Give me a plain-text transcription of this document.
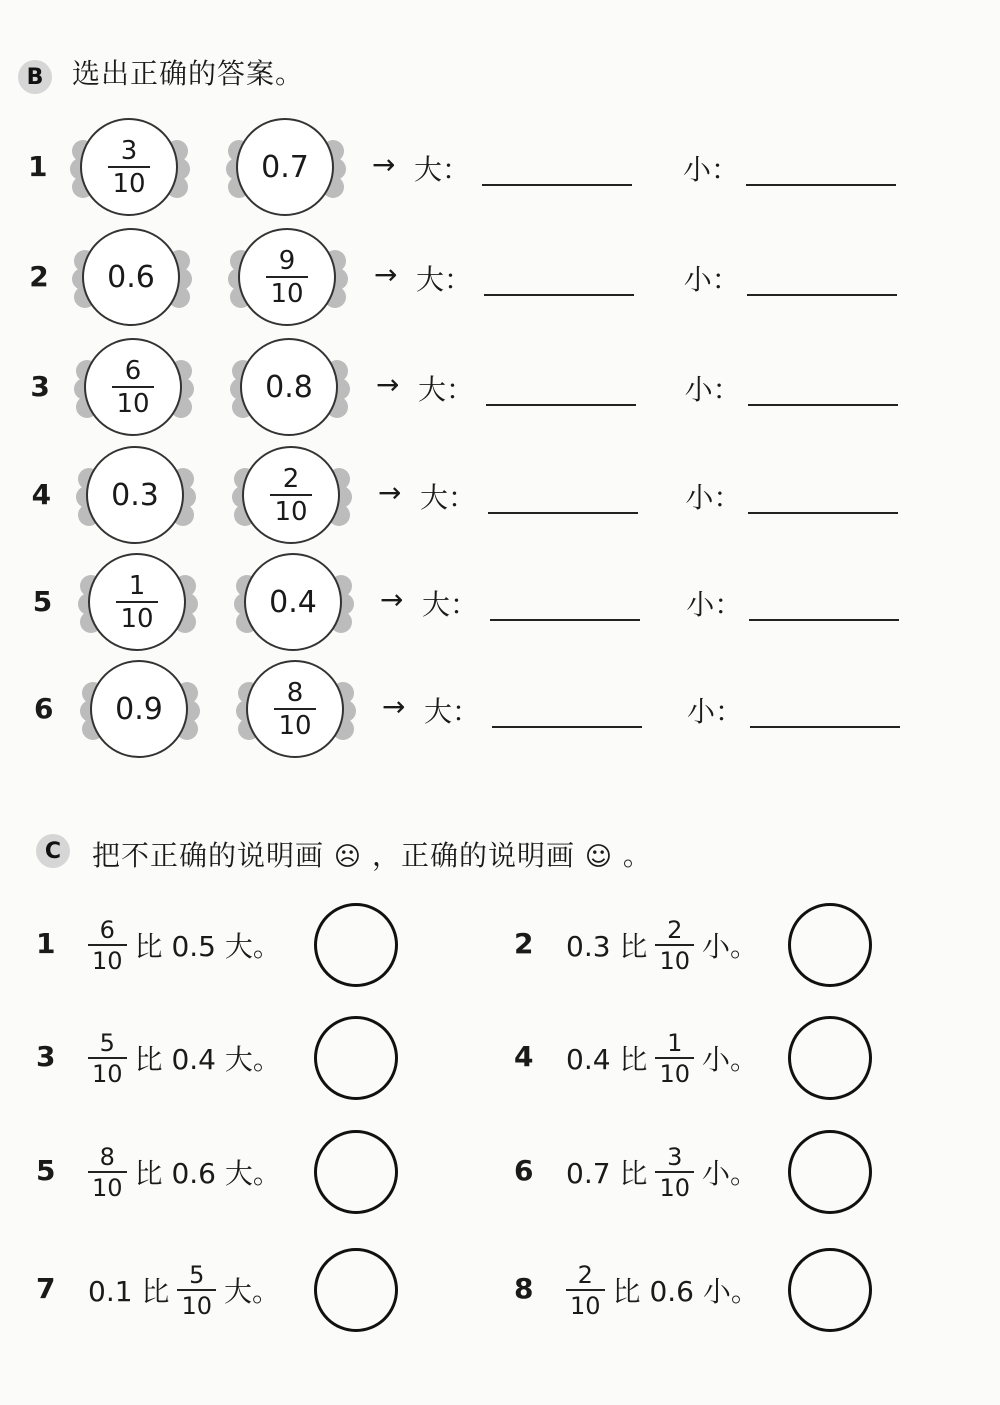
B	选出正确的答案。
$1 \frac{3}{10}$	0.7 → 大：	小：
2 0.6	$\frac{9}{10}$ → 大：	小：
$3 \frac{6}{10}$	0.8 → 大：	小：
4 0.3	$\frac{2}{10}$ → 大：	小：
$5 \frac{1}{10}$	0.4 → 大：	小：
6 0.9	$\frac{8}{10}$ → 大：	小：
C	把不正确的说明画 ☹ ，正确的说明画 ☺ 。
$1 \frac{6}{10}$ 比 0.5 大。	2 0.3 比 $\frac{2}{10}$ 小。
$3 \frac{5}{10}$ 比 0.4 大。	4 0.4 比 $\frac{1}{10}$ 小。
$5 \frac{8}{10}$ 比 0.6 大。	6 0.7 比 $\frac{3}{10}$ 小。
7 0.1 比 $\frac{5}{10}$ 大。	$8 \frac{2}{10}$ 比 0.6 小。
